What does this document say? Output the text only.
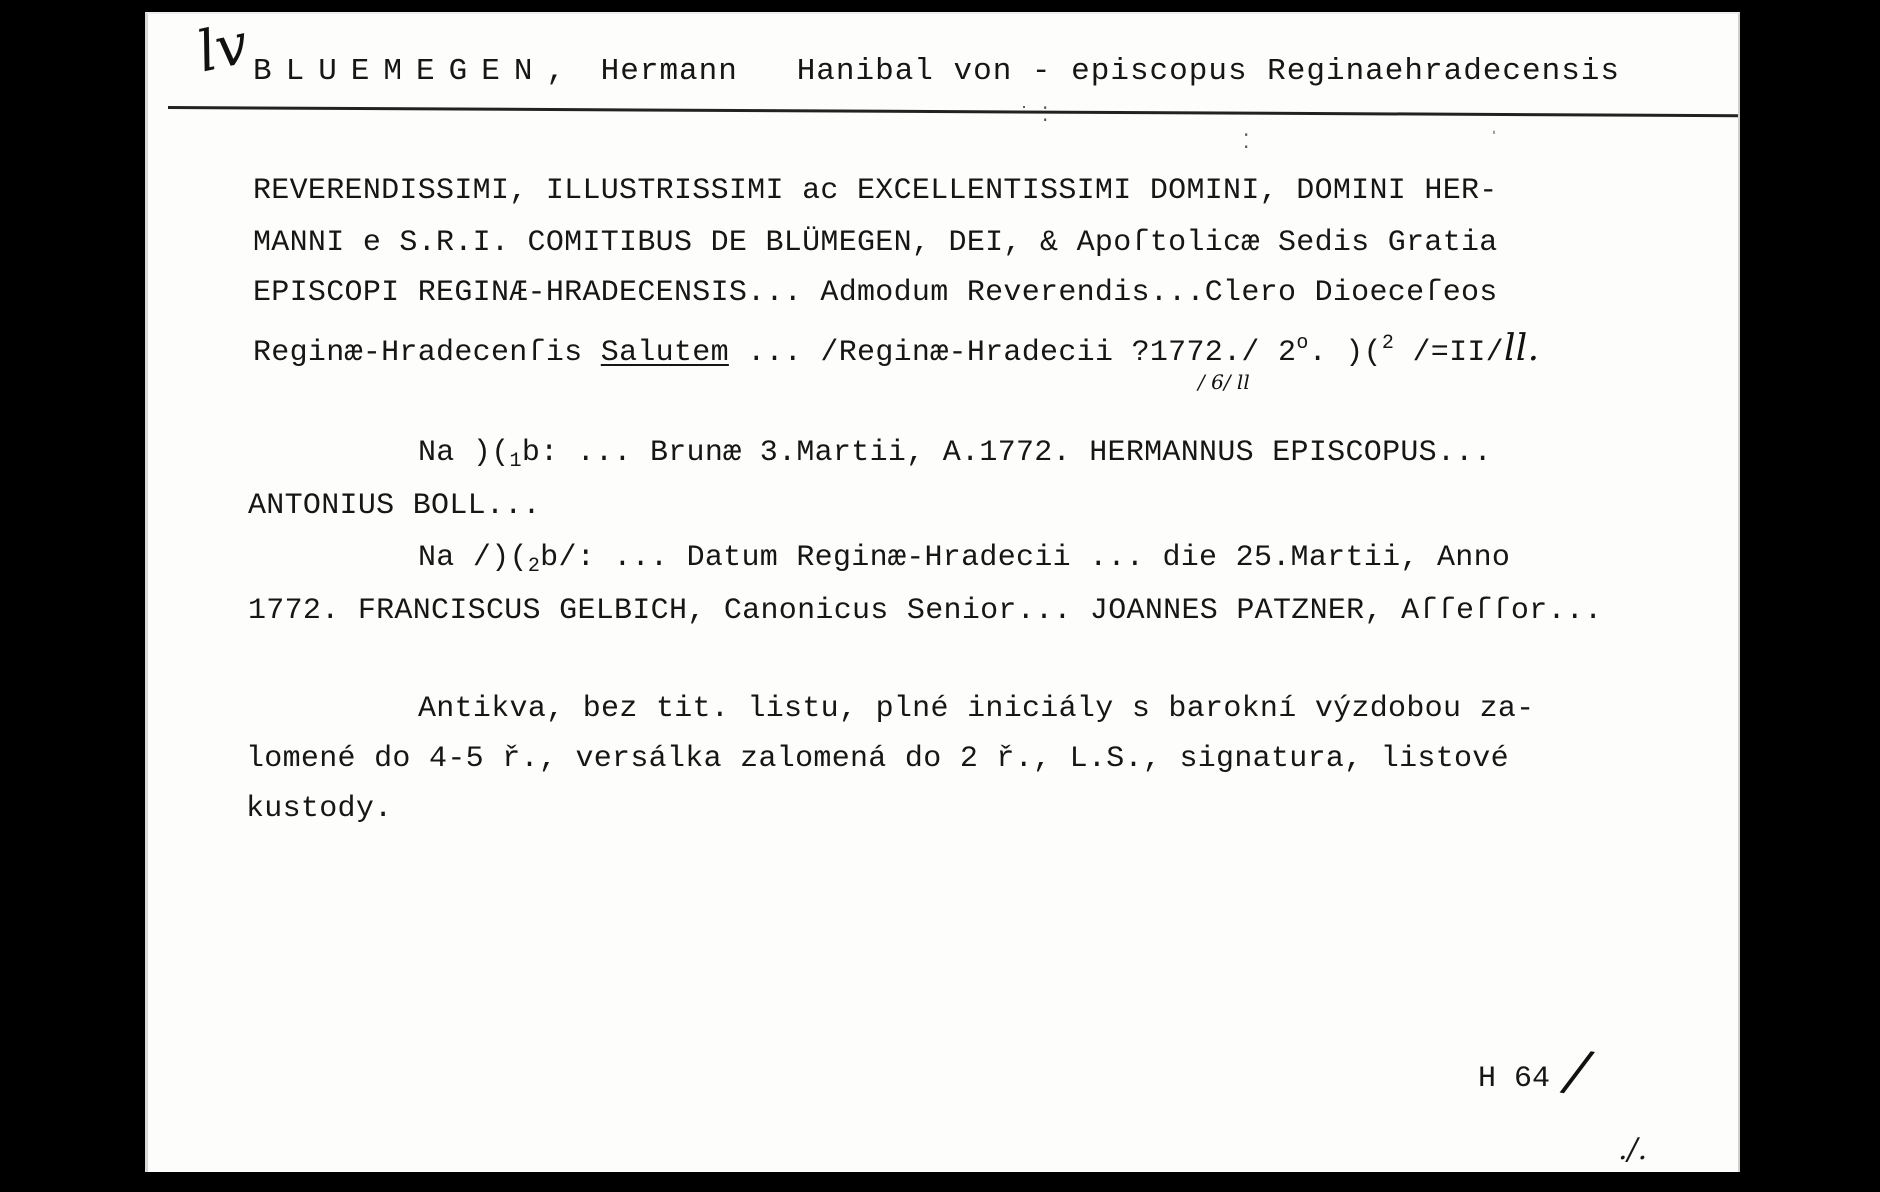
lv BLUEMEGEN, Hermann Hanibal von - episcopus Reginaehradecensis
˙ ⁚
⁚
ˌ
REVERENDISSIMI, ILLUSTRISSIMI ac EXCELLENTISSIMI DOMINI, DOMINI HER-
MANNI e S.R.I. COMITIBUS DE BLÜMEGEN, DEI, & Apoſtolicæ Sedis Gratia
EPISCOPI REGINÆ-HRADECENSIS... Admodum Reverendis...Clero Dioeceſeos
Reginæ-Hradecenſis Salutem ... /Reginæ-Hradecii ?1772./ 2$^o$. )($^2$ /=II/ll.
/ 6/ ll
Na )($_1b$: ... Brunæ 3.Martii, A.1772. HERMANNUS EPISCOPUS...
ANTONIUS BOLL...
Na $/)(_2b/$: ... Datum Reginæ-Hradecii ... die 25.Martii, Anno
1772. FRANCISCUS GELBICH, Canonicus Senior... JOANNES PATZNER, Aſſeſſor...
Antikva, bez tit. listu, plné iniciály s barokní výzdobou za-
lomené do 4-5 ř., versálka zalomená do 2 ř., L.S., signatura, listové
kustody.
H 64 /
./.
